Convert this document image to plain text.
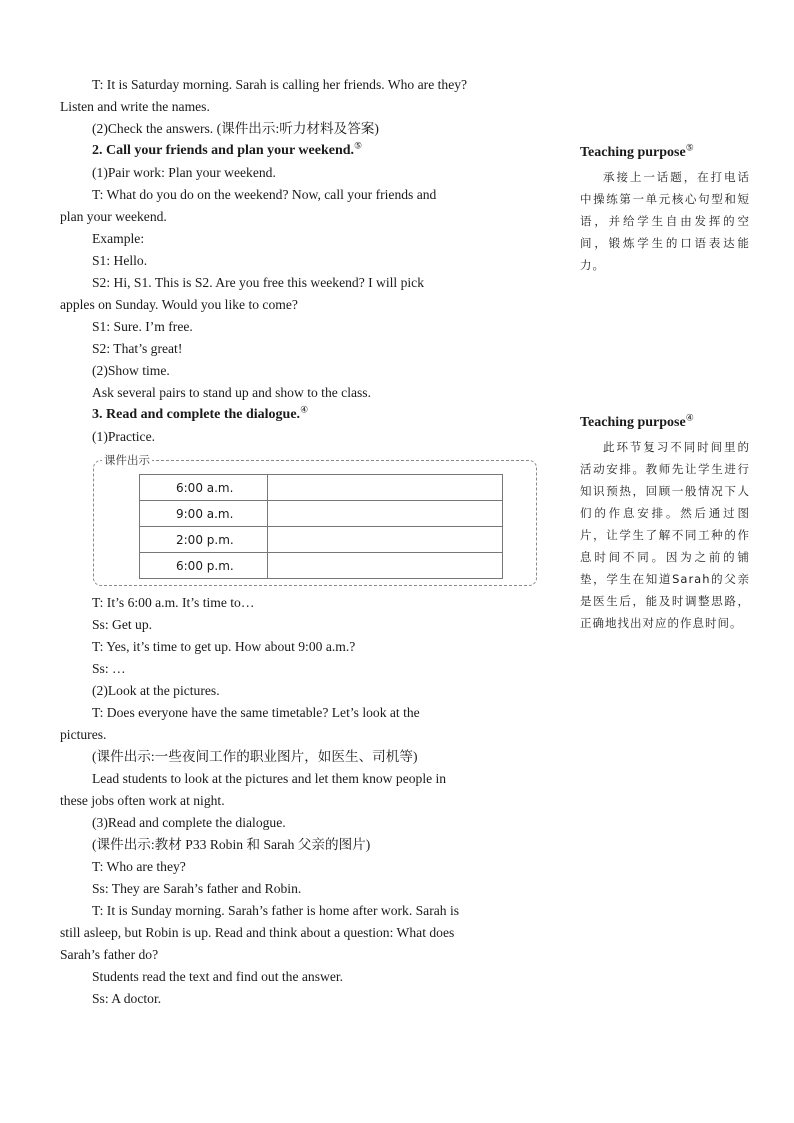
T: It is Saturday morning. Sarah is calling her friends. Who are they?
Listen and write the names.
(2)Check the answers. (课件出示:听力材料及答案)
2. Call your friends and plan your weekend.⑤
(1)Pair work: Plan your weekend.
T: What do you do on the weekend? Now, call your friends and
plan your weekend.
Example:
S1: Hello.
S2: Hi, S1. This is S2. Are you free this weekend? I will pick
apples on Sunday. Would you like to come?
S1: Sure. I’m free.
S2: That’s great!
(2)Show time.
Ask several pairs to stand up and show to the class.
3. Read and complete the dialogue.④
(1)Practice.
课件出示
6:00 a.m.	
9:00 a.m.	
2:00 p.m.	
6:00 p.m.	
T: It’s 6:00 a.m. It’s time to…
Ss: Get up.
T: Yes, it’s time to get up. How about 9:00 a.m.?
Ss: …
(2)Look at the pictures.
T: Does everyone have the same timetable? Let’s look at the
pictures.
(课件出示:一些夜间工作的职业图片，如医生、司机等)
Lead students to look at the pictures and let them know people in
these jobs often work at night.
(3)Read and complete the dialogue.
(课件出示:教材 P33 Robin 和 Sarah 父亲的图片)
T: Who are they?
Ss: They are Sarah’s father and Robin.
T: It is Sunday morning. Sarah’s father is home after work. Sarah is
still asleep, but Robin is up. Read and think about a question: What does
Sarah’s father do?
Students read the text and find out the answer.
Ss: A doctor.
Teaching purpose⑤
承接上一话题，在打电话中操练第一单元核心句型和短语，并给学生自由发挥的空间，锻炼学生的口语表达能力。
Teaching purpose④
此环节复习不同时间里的活动安排。教师先让学生进行知识预热，回顾一般情况下人们的作息安排。然后通过图片，让学生了解不同工种的作息时间不同。因为之前的铺垫，学生在知道Sarah的父亲是医生后，能及时调整思路，正确地找出对应的作息时间。
